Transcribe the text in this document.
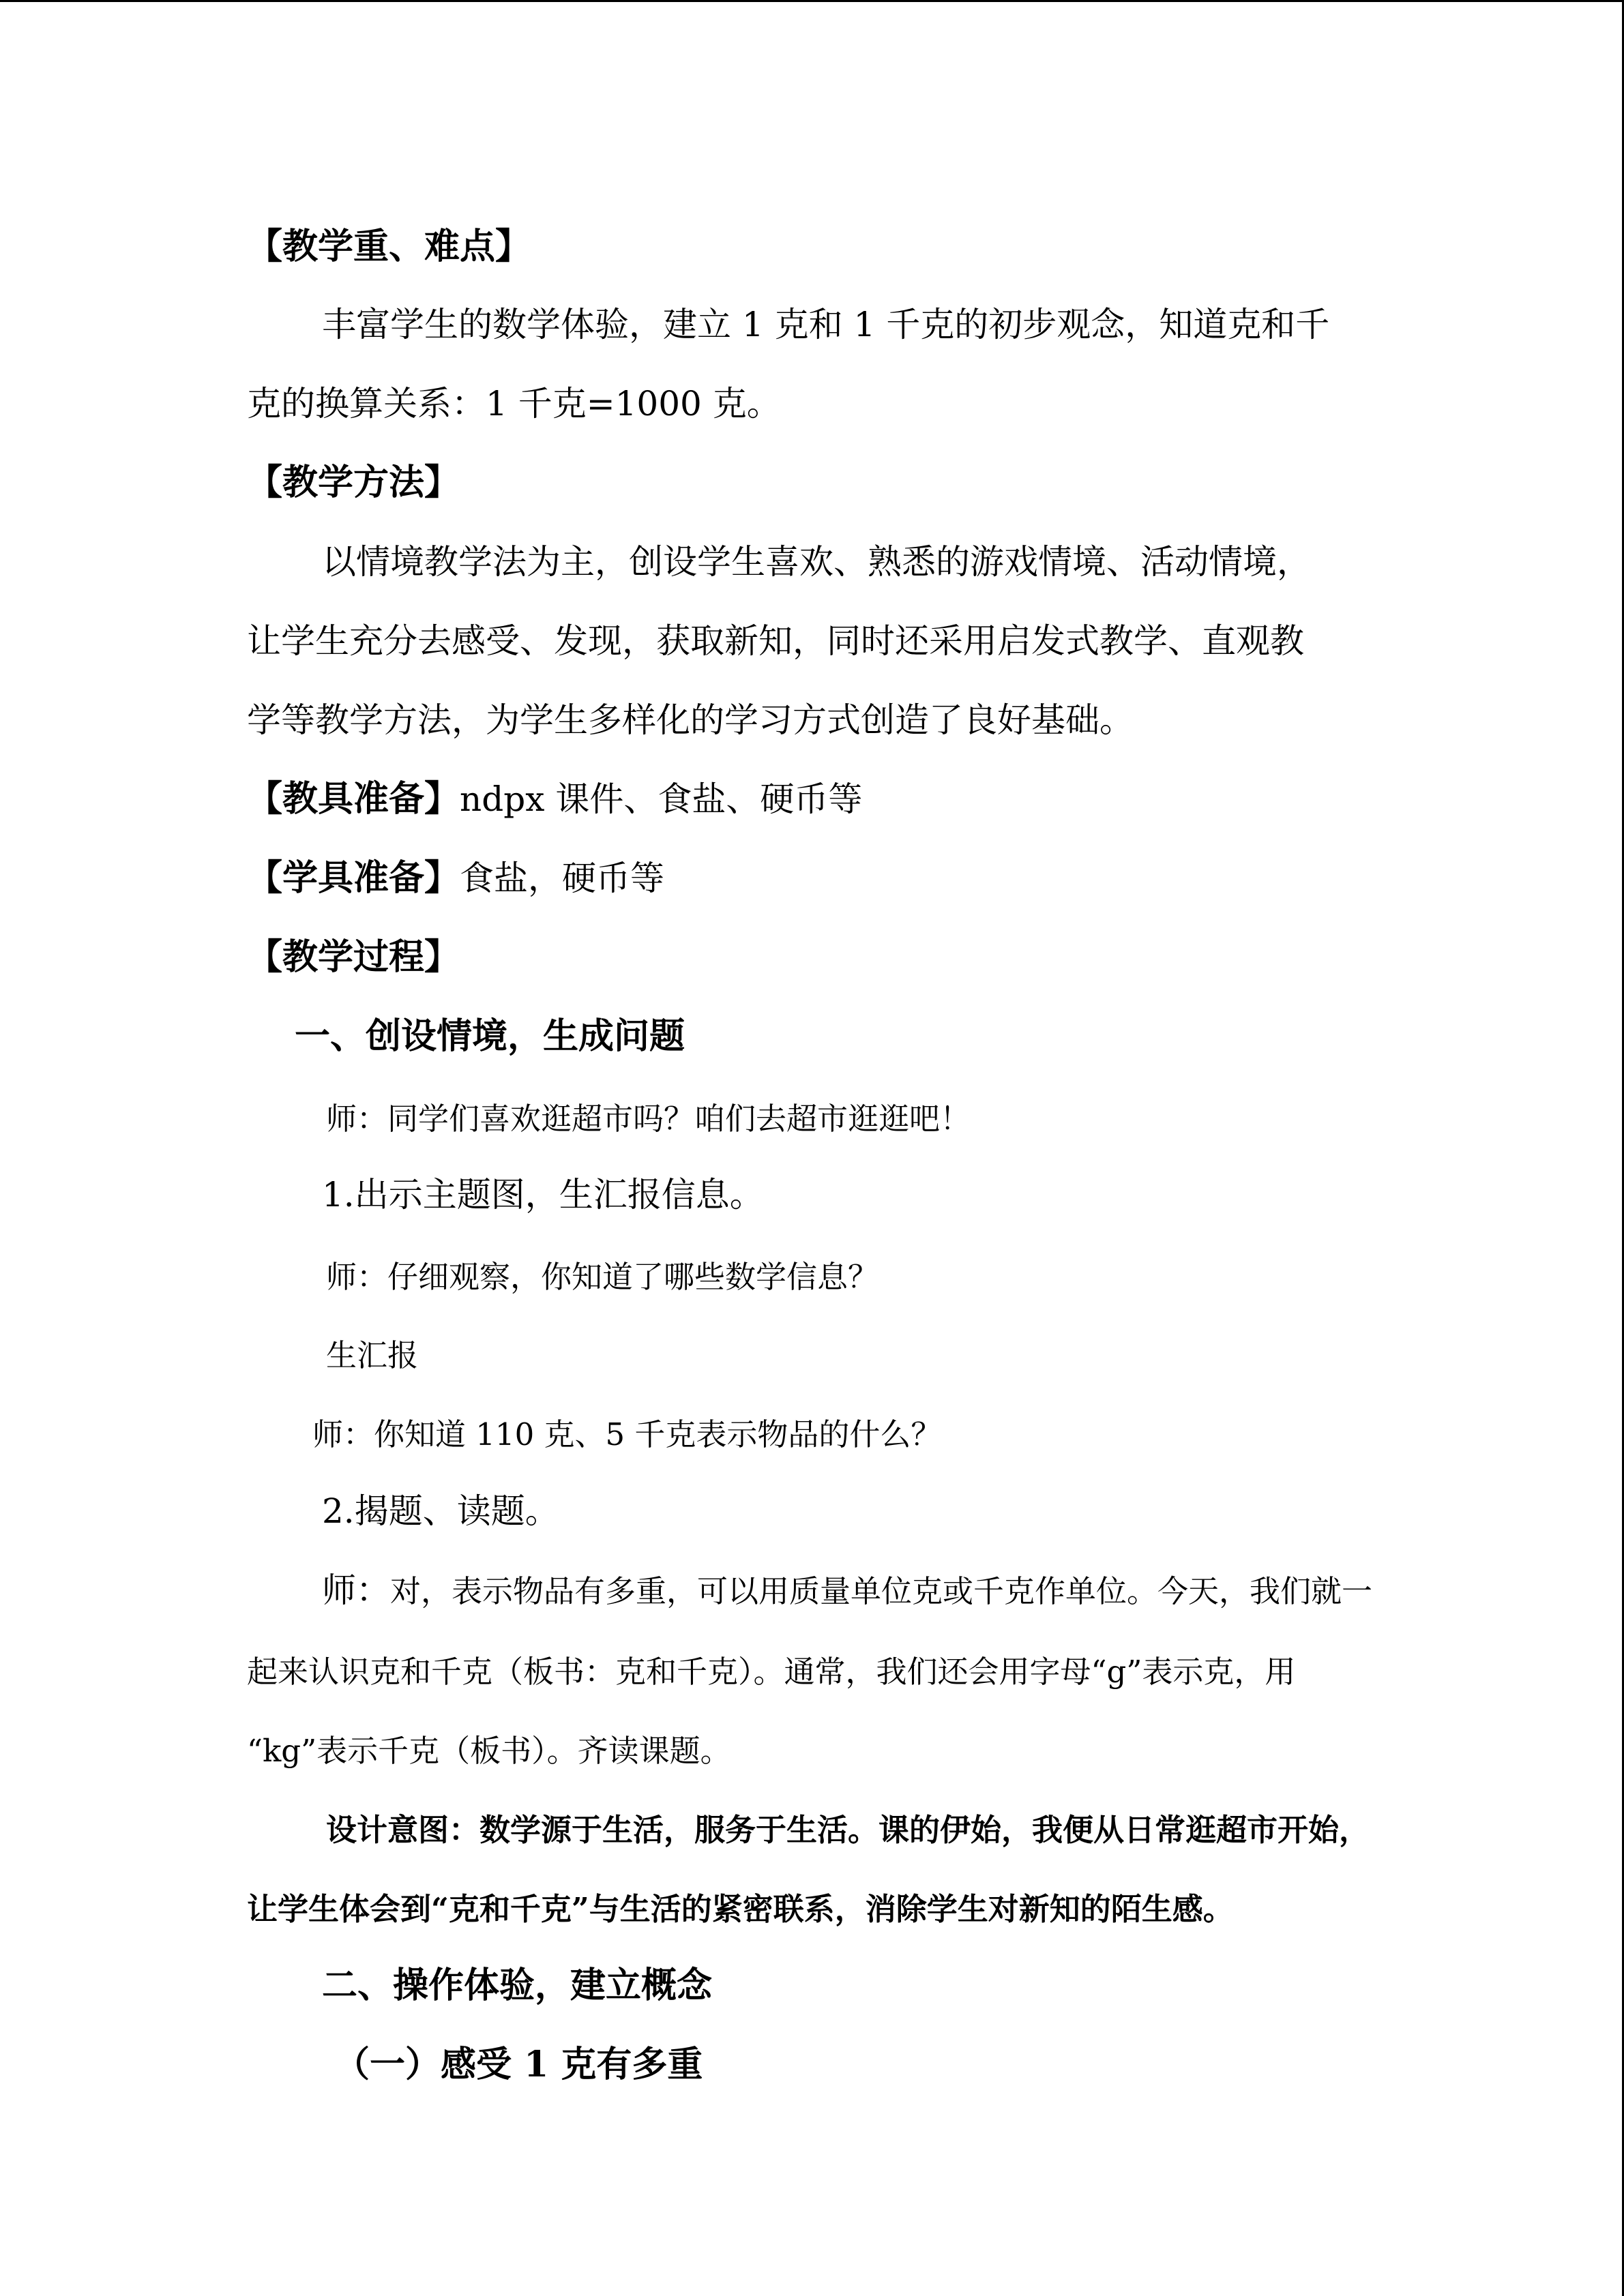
【教学重、难点】
丰富学生的数学体验，建立 1 克和 1 千克的初步观念，知道克和千
克的换算关系：1 千克=1000 克。
【教学方法】
以情境教学法为主，创设学生喜欢、熟悉的游戏情境、活动情境，
让学生充分去感受、发现，获取新知，同时还采用启发式教学、直观教
学等教学方法，为学生多样化的学习方式创造了良好基础。
【教具准备】ndpx 课件、食盐、硬币等
【学具准备】食盐，硬币等
【教学过程】
一、创设情境，生成问题
师：同学们喜欢逛超市吗？咱们去超市逛逛吧！
1.出示主题图，生汇报信息。
师：仔细观察，你知道了哪些数学信息？
生汇报
师：你知道 110 克、5 千克表示物品的什么？
2.揭题、读题。
师：对，表示物品有多重，可以用质量单位克或千克作单位。今天，我们就一
起来认识克和千克（板书：克和千克）。通常，我们还会用字母“g”表示克，用
“kg”表示千克（板书）。齐读课题。
设计意图：数学源于生活，服务于生活。课的伊始，我便从日常逛超市开始，
让学生体会到“克和千克”与生活的紧密联系，消除学生对新知的陌生感。
二、操作体验，建立概念
（一）感受 1 克有多重
